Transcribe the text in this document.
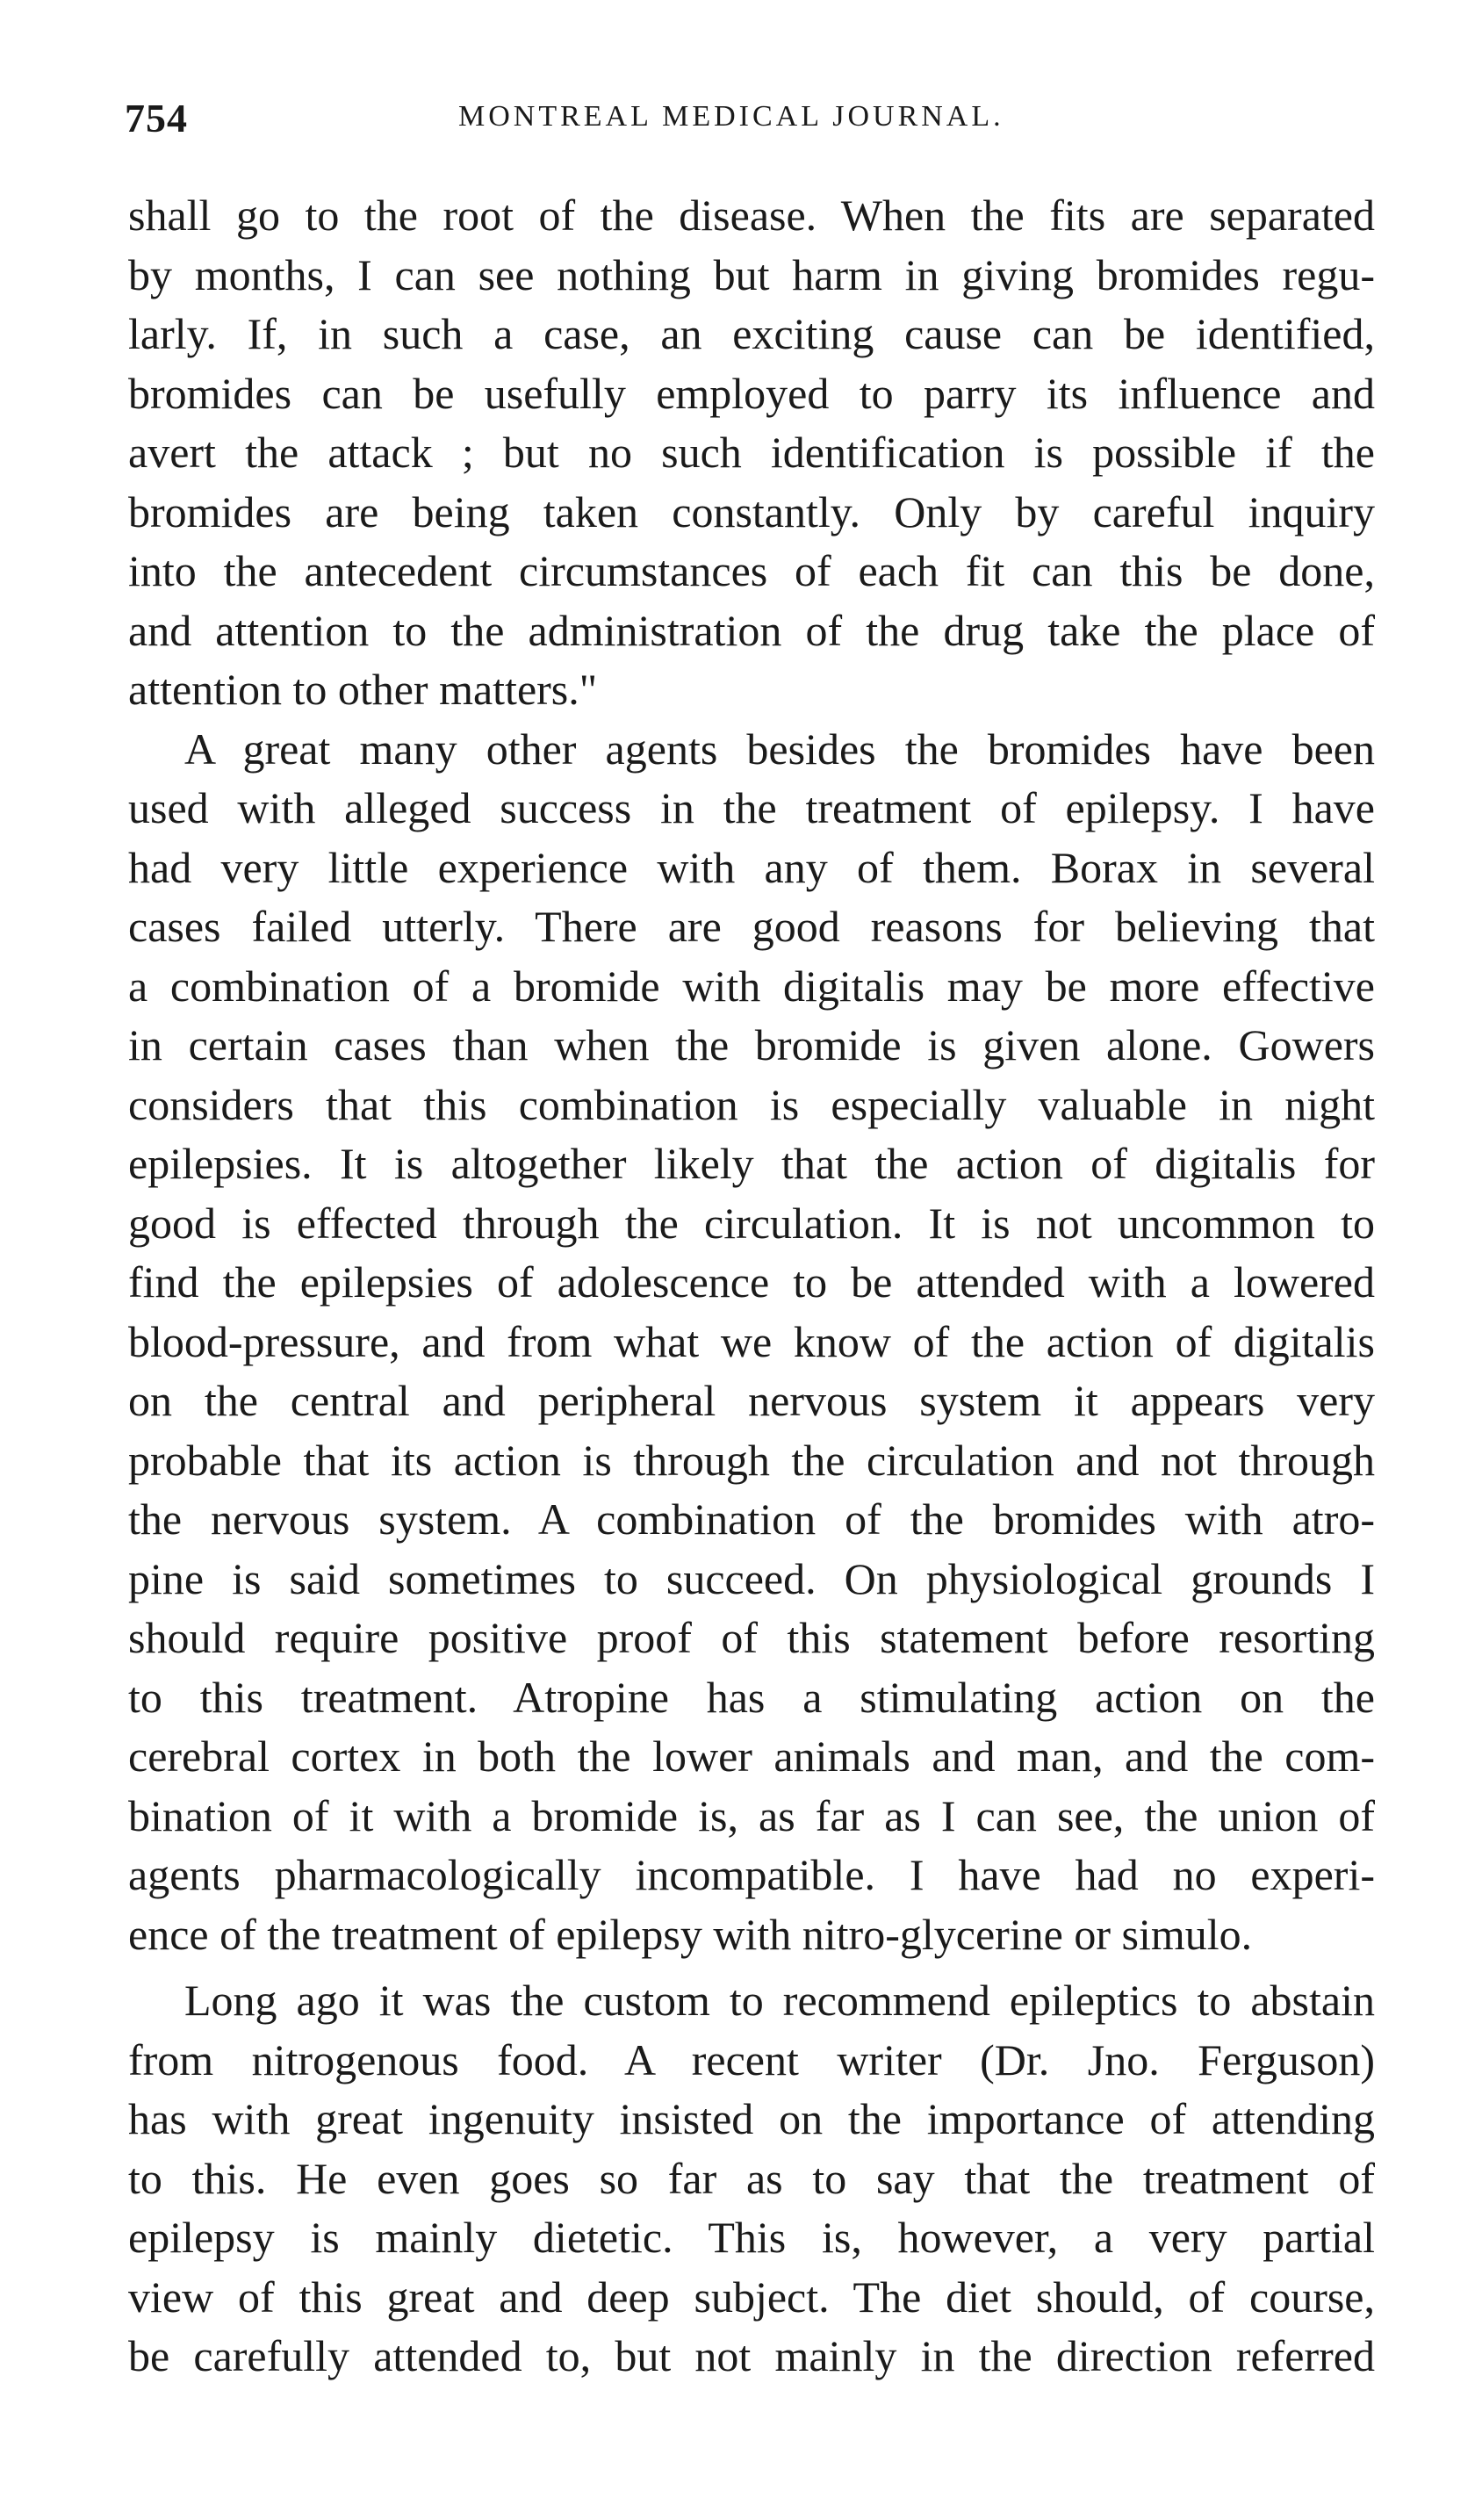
754	MONTREAL MEDICAL JOURNAL.
shall go to the root of the disease. When the fits are separated
by months, I can see nothing but harm in giving bromides regu-
larly. If, in such a case, an exciting cause can be identified,
bromides can be usefully employed to parry its influence and
avert the attack ; but no such identification is possible if the
bromides are being taken constantly. Only by careful inquiry
into the antecedent circumstances of each fit can this be done,
and attention to the administration of the drug take the place of
attention to other matters."
A great many other agents besides the bromides have been
used with alleged success in the treatment of epilepsy. I have
had very little experience with any of them. Borax in several
cases failed utterly. There are good reasons for believing that
a combination of a bromide with digitalis may be more effective
in certain cases than when the bromide is given alone. Gowers
considers that this combination is especially valuable in night
epilepsies. It is altogether likely that the action of digitalis for
good is effected through the circulation. It is not uncommon to
find the epilepsies of adolescence to be attended with a lowered
blood-pressure, and from what we know of the action of digitalis
on the central and peripheral nervous system it appears very
probable that its action is through the circulation and not through
the nervous system. A combination of the bromides with atro-
pine is said sometimes to succeed. On physiological grounds I
should require positive proof of this statement before resorting
to this treatment. Atropine has a stimulating action on the
cerebral cortex in both the lower animals and man, and the com-
bination of it with a bromide is, as far as I can see, the union of
agents pharmacologically incompatible. I have had no experi-
ence of the treatment of epilepsy with nitro-glycerine or simulo.
Long ago it was the custom to recommend epileptics to abstain
from nitrogenous food. A recent writer (Dr. Jno. Ferguson)
has with great ingenuity insisted on the importance of attending
to this. He even goes so far as to say that the treatment of
epilepsy is mainly dietetic. This is, however, a very partial
view of this great and deep subject. The diet should, of course,
be carefully attended to, but not mainly in the direction referred
